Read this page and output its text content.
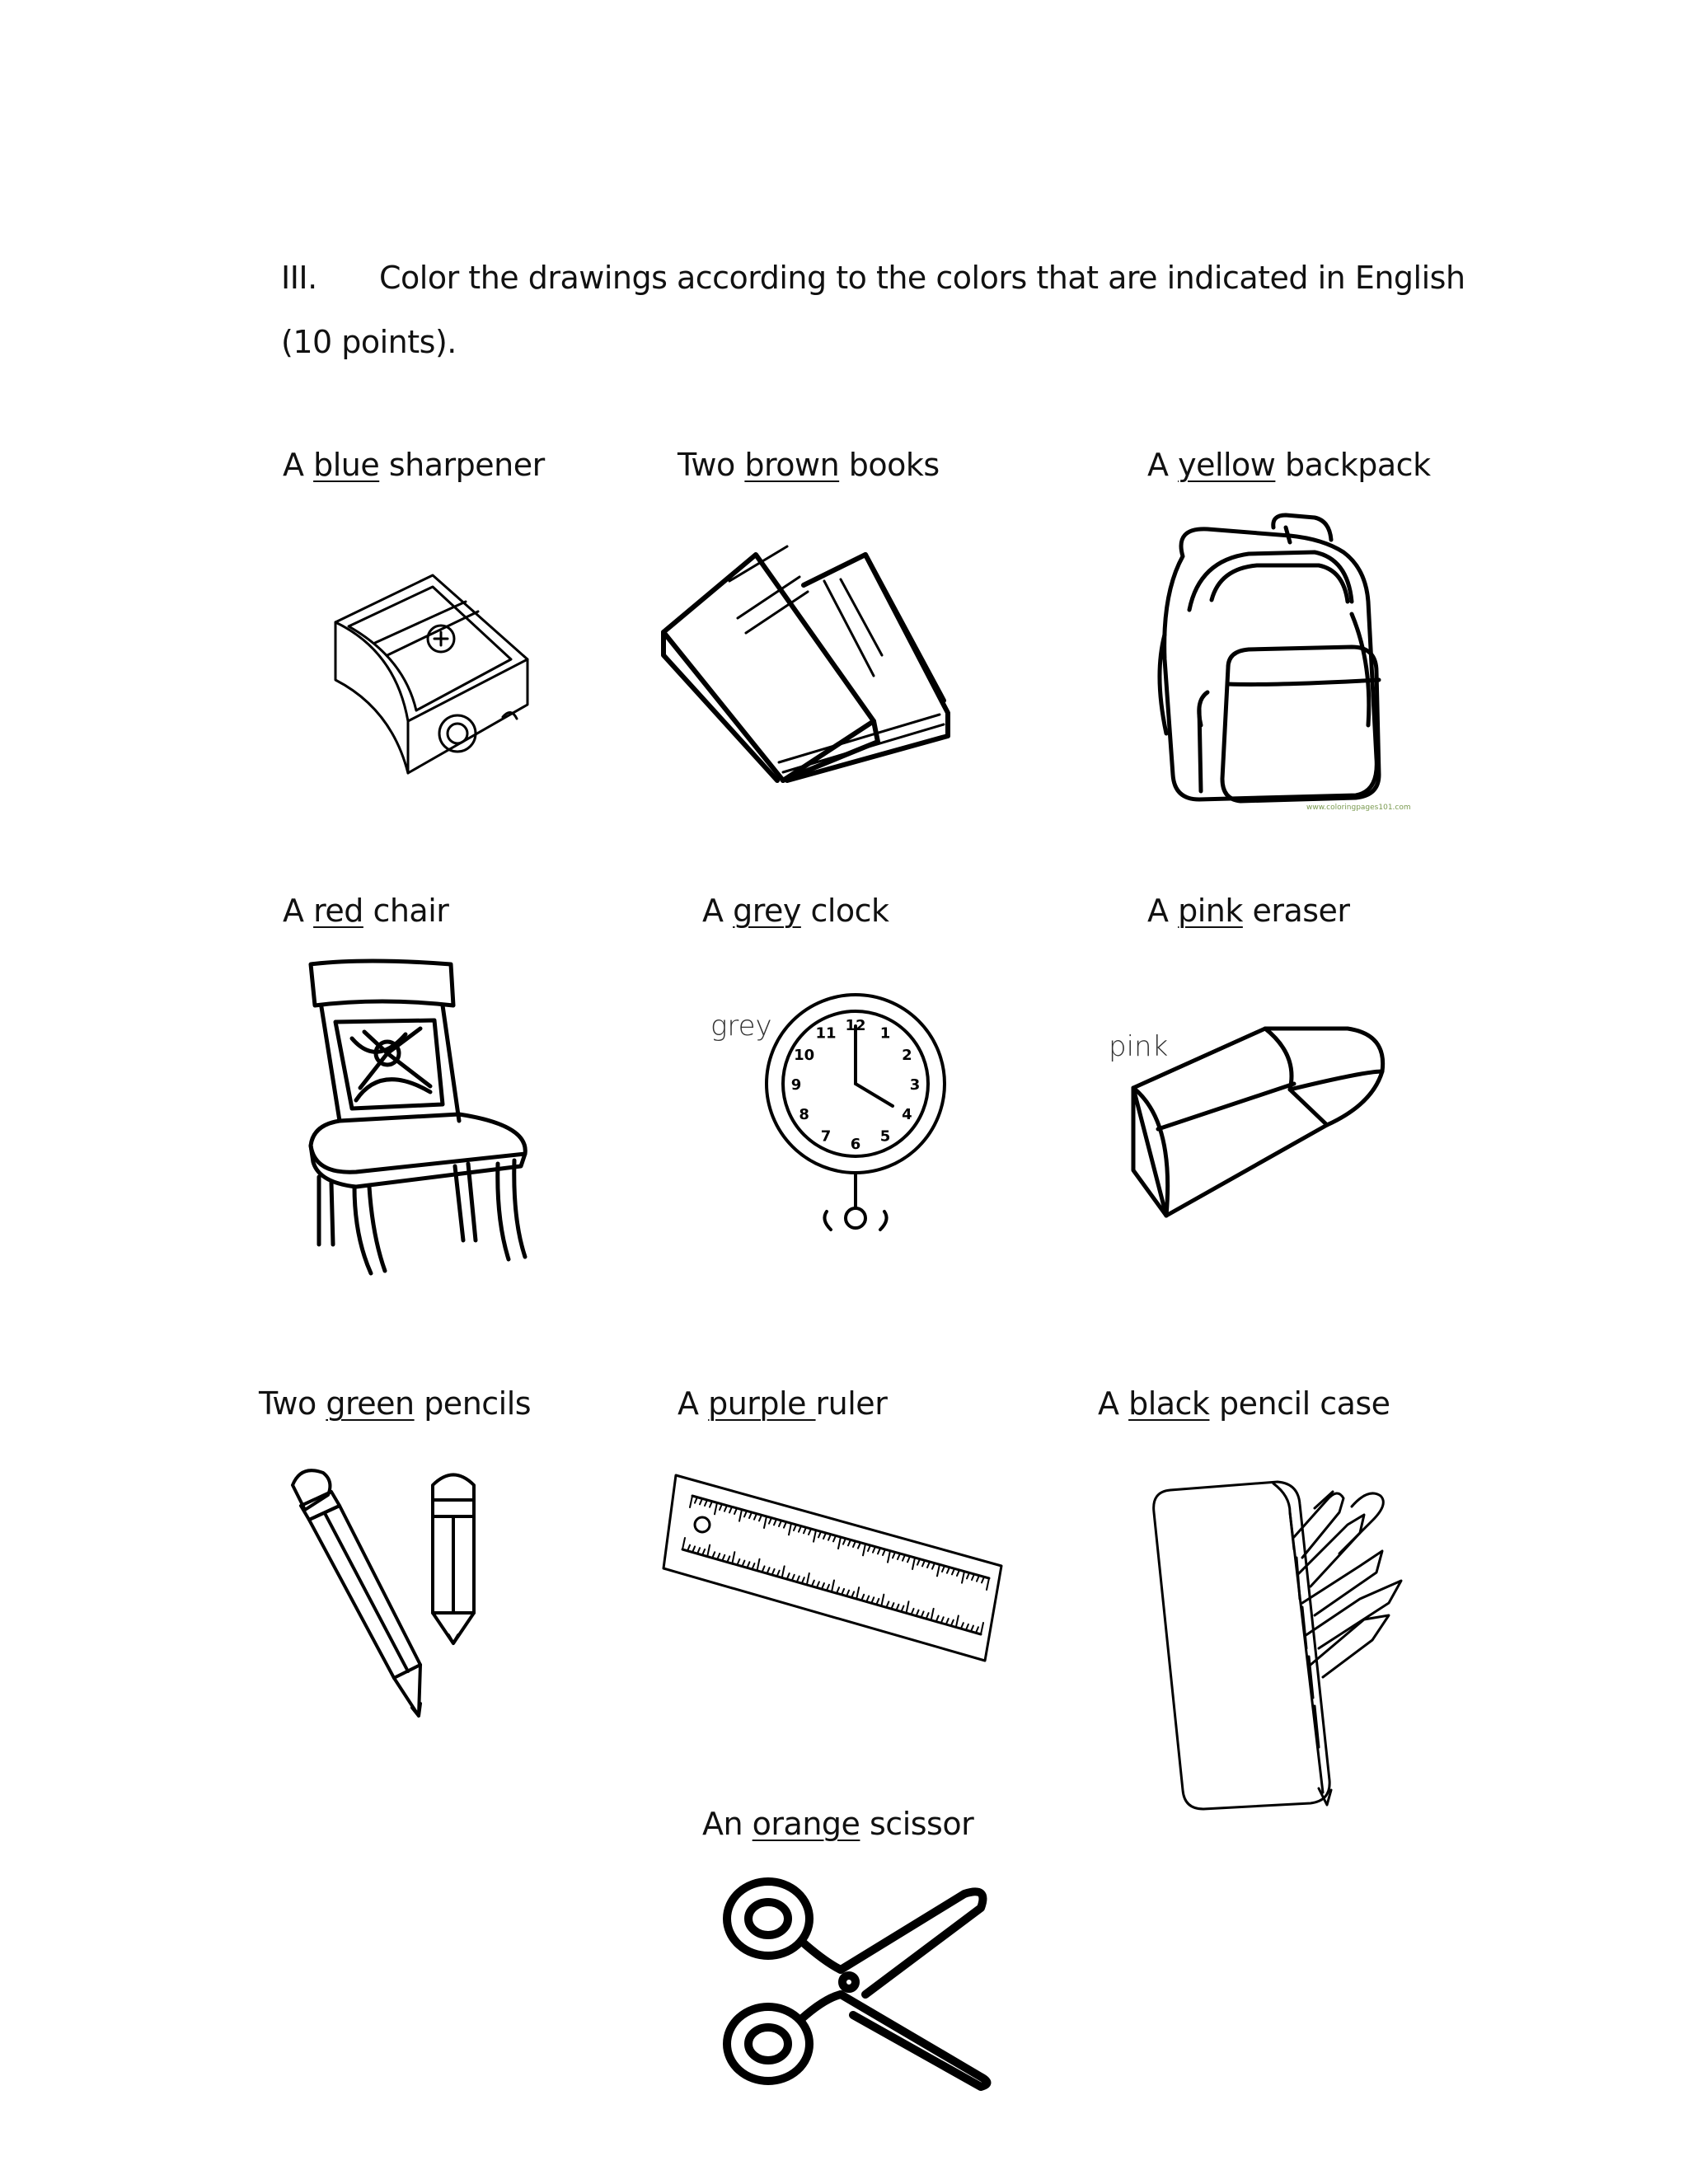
III. Color the drawings according to the colors that are indicated in English
(10 points).
A blue sharpener	Two brown books	A yellow backpack
A red chair	A grey clock	A pink eraser
Two green pencils	A purple ruler	A black pencil case
An orange scissor
www.coloringpages101.com
grey	12 1
2
3
4
5
6
7
8
9
10
11	pink
